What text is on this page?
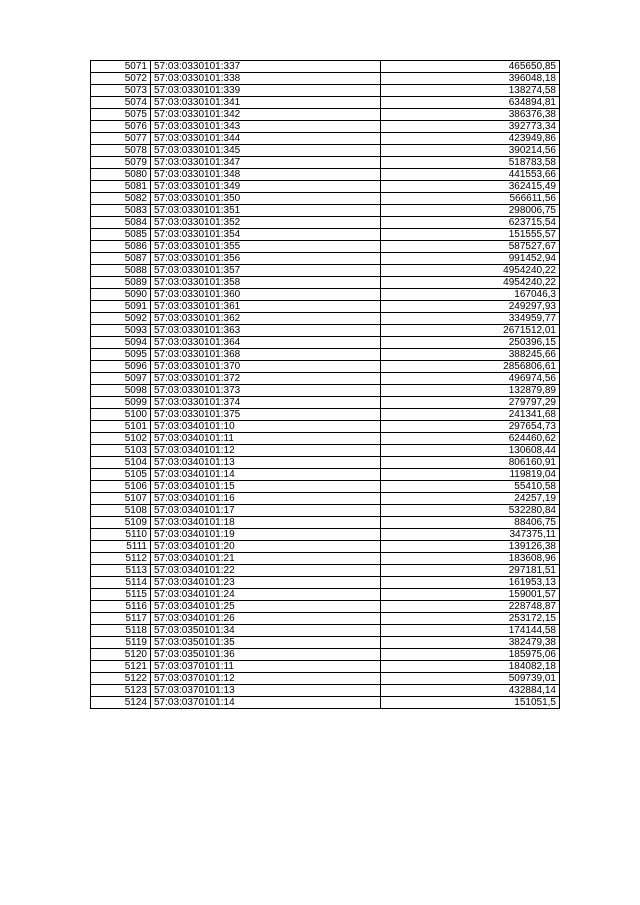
5071	57:03:0330101:337	465650,85
5072	57:03:0330101:338	396048,18
5073	57:03:0330101:339	138274,58
5074	57:03:0330101:341	634894,81
5075	57:03:0330101:342	386376,38
5076	57:03:0330101:343	392773,34
5077	57:03:0330101:344	423949,86
5078	57:03:0330101:345	390214,56
5079	57:03:0330101:347	518783,58
5080	57:03:0330101:348	441553,66
5081	57:03:0330101:349	362415,49
5082	57:03:0330101:350	566611,56
5083	57:03:0330101:351	298006,75
5084	57:03:0330101:352	623715,54
5085	57:03:0330101:354	151555,57
5086	57:03:0330101:355	587527,67
5087	57:03:0330101:356	991452,94
5088	57:03:0330101:357	4954240,22
5089	57:03:0330101:358	4954240,22
5090	57:03:0330101:360	167046,3
5091	57:03:0330101:361	249297,93
5092	57:03:0330101:362	334959,77
5093	57:03:0330101:363	2671512,01
5094	57:03:0330101:364	250396,15
5095	57:03:0330101:368	388245,66
5096	57:03:0330101:370	2856806,61
5097	57:03:0330101:372	496974,56
5098	57:03:0330101:373	132879,89
5099	57:03:0330101:374	279797,29
5100	57:03:0330101:375	241341,68
5101	57:03:0340101:10	297654,73
5102	57:03:0340101:11	624460,62
5103	57:03:0340101:12	130608,44
5104	57:03:0340101:13	806160,91
5105	57:03:0340101:14	119819,04
5106	57:03:0340101:15	55410,58
5107	57:03:0340101:16	24257,19
5108	57:03:0340101:17	532280,84
5109	57:03:0340101:18	88406,75
5110	57:03:0340101:19	347375,11
5111	57:03:0340101:20	139126,38
5112	57:03:0340101:21	183608,96
5113	57:03:0340101:22	297181,51
5114	57:03:0340101:23	161953,13
5115	57:03:0340101:24	159001,57
5116	57:03:0340101:25	228748,87
5117	57:03:0340101:26	253172,15
5118	57:03:0350101:34	174144,58
5119	57:03:0350101:35	382479,38
5120	57:03:0350101:36	185975,06
5121	57:03:0370101:11	184082,18
5122	57:03:0370101:12	509739,01
5123	57:03:0370101:13	432884,14
5124	57:03:0370101:14	151051,5
